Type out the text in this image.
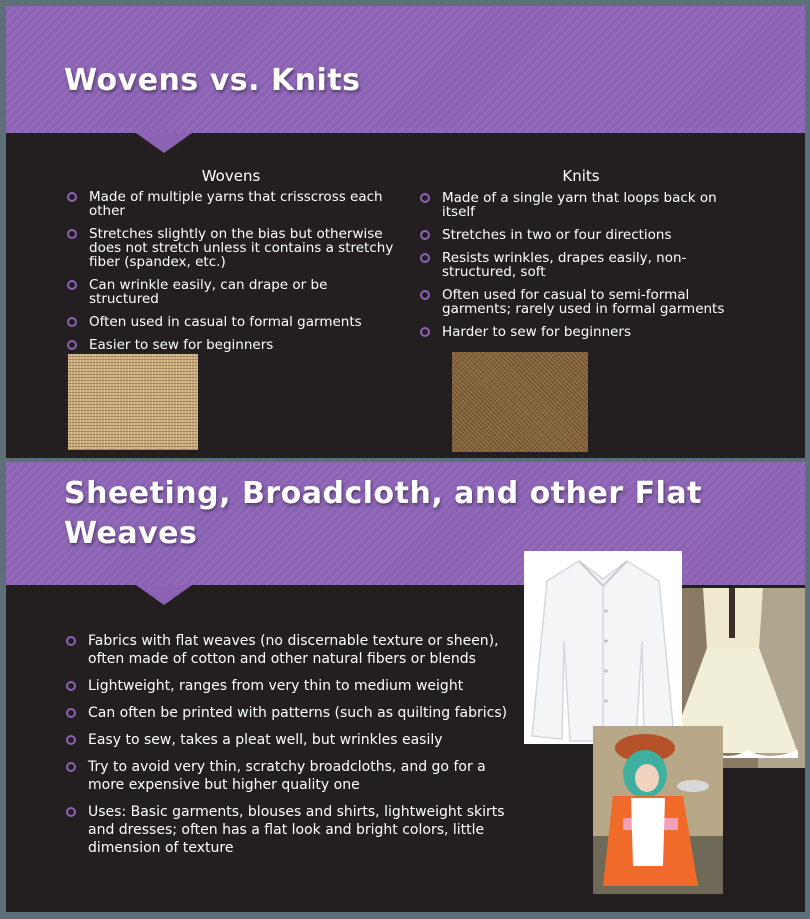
Wovens vs. Knits
Wovens	Knits
Made of multiple yarns that crisscross each other
Stretches slightly on the bias but otherwise does not stretch unless it contains a stretchy fiber (spandex, etc.)
Can wrinkle easily, can drape or be structured
Often used in casual to formal garments
Easier to sew for beginners
Made of a single yarn that loops back on itself
Stretches in two or four directions
Resists wrinkles, drapes easily, non-structured, soft
Often used for casual to semi-formal garments; rarely used in formal garments
Harder to sew for beginners
Sheeting, Broadcloth, and other Flat Weaves
Fabrics with flat weaves (no discernable texture or sheen), often made of cotton and other natural fibers or blends
Lightweight, ranges from very thin to medium weight
Can often be printed with patterns (such as quilting fabrics)
Easy to sew, takes a pleat well, but wrinkles easily
Try to avoid very thin, scratchy broadcloths, and go for a more expensive but higher quality one
Uses: Basic garments, blouses and shirts, lightweight skirts and dresses; often has a flat look and bright colors, little dimension of texture
